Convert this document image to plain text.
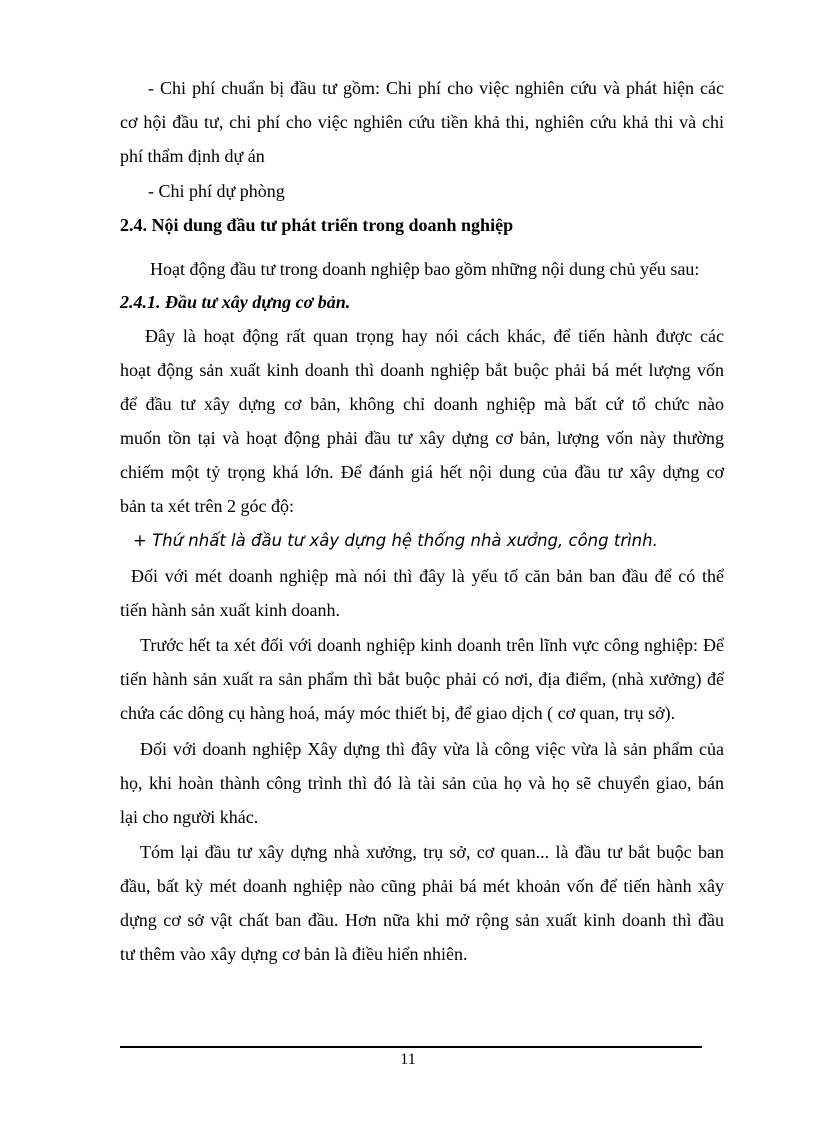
- Chi phí chuẩn bị đầu tư gồm: Chi phí cho việc nghiên cứu và phát hiện các
cơ hội đầu tư, chi phí cho việc nghiên cứu tiền khả thi, nghiên cứu khả thi và chi
phí thẩm định dự án
- Chi phí dự phòng
2.4. Nội dung đầu tư phát triển trong doanh nghiệp
Hoạt động đầu tư trong doanh nghiệp bao gồm những nội dung chủ yếu sau:
2.4.1. Đầu tư xây dựng cơ bản.
Đây là hoạt động rất quan trọng hay nói cách khác, để tiến hành được các
hoạt động sản xuất kinh doanh thì doanh nghiệp bắt buộc phải bá mét lượng vốn
để đầu tư xây dựng cơ bản, không chỉ doanh nghiệp mà bất cứ tổ chức nào
muốn tồn tại và hoạt động phải đầu tư xây dựng cơ bản, lượng vốn này thường
chiếm một tỷ trọng khá lớn. Để đánh giá hết nội dung của đầu tư xây dựng cơ
bản ta xét trên 2 góc độ:
+ Thứ nhất là đầu tư xây dựng hệ thống nhà xưởng, công trình.
Đối với mét doanh nghiệp mà nói thì đây là yếu tố căn bản ban đầu để có thể
tiến hành sản xuất kinh doanh.
Trước hết ta xét đối với doanh nghiệp kinh doanh trên lĩnh vực công nghiệp: Để
tiến hành sản xuất ra sản phẩm thì bắt buộc phải có nơi, địa điểm, (nhà xưởng) để
chứa các dông cụ hàng hoá, máy móc thiết bị, để giao dịch ( cơ quan, trụ sở).
Đối với doanh nghiệp Xây dựng thì đây vừa là công việc vừa là sản phẩm của
họ, khi hoàn thành công trình thì đó là tài sản của họ và họ sẽ chuyển giao, bán
lại cho người khác.
Tóm lại đầu tư xây dựng nhà xưởng, trụ sở, cơ quan... là đầu tư bắt buộc ban
đầu, bất kỳ mét doanh nghiệp nào cũng phải bá mét khoản vốn để tiến hành xây
dựng cơ sở vật chất ban đầu. Hơn nữa khi mở rộng sản xuất kinh doanh thì đầu
tư thêm vào xây dựng cơ bản là điều hiển nhiên.
11
